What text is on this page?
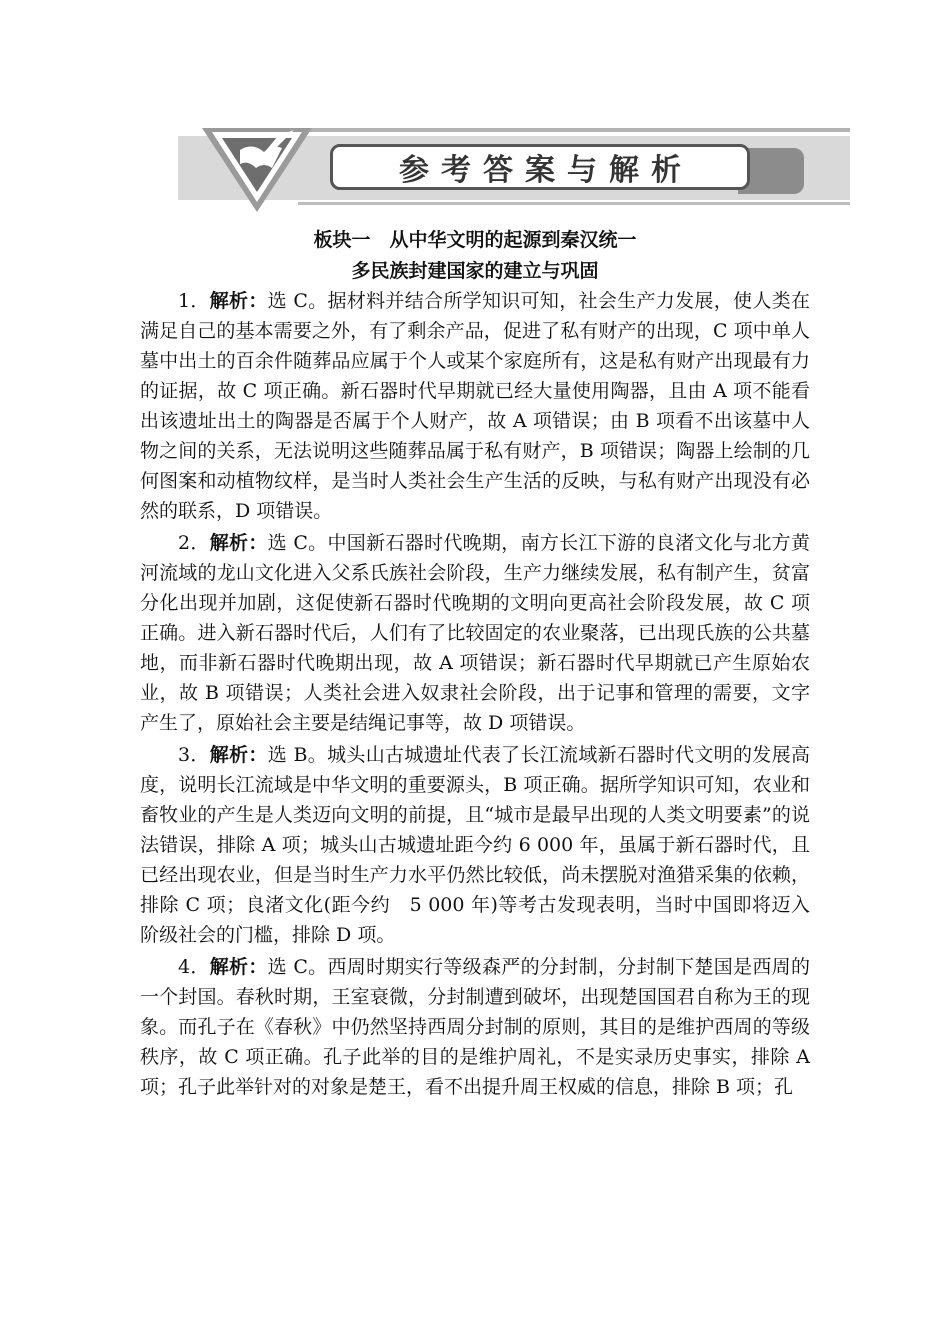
参考答案与解析
板块一　从中华文明的起源到秦汉统一
多民族封建国家的建立与巩固

1．解析：选 C。据材料并结合所学知识可知，社会生产力发展，使人类在满足自己的基本需要之外，有了剩余产品，促进了私有财产的出现，C 项中单人墓中出土的百余件随葬品应属于个人或某个家庭所有，这是私有财产出现最有力的证据，故 C 项正确。新石器时代早期就已经大量使用陶器，且由 A 项不能看出该遗址出土的陶器是否属于个人财产，故 A 项错误；由 B 项看不出该墓中人物之间的关系，无法说明这些随葬品属于私有财产，B 项错误；陶器上绘制的几何图案和动植物纹样，是当时人类社会生产生活的反映，与私有财产出现没有必然的联系，D 项错误。

2．解析：选 C。中国新石器时代晚期，南方长江下游的良渚文化与北方黄河流域的龙山文化进入父系氏族社会阶段，生产力继续发展，私有制产生，贫富分化出现并加剧，这促使新石器时代晚期的文明向更高社会阶段发展，故 C 项正确。进入新石器时代后，人们有了比较固定的农业聚落，已出现氏族的公共墓地，而非新石器时代晚期出现，故 A 项错误；新石器时代早期就已产生原始农业，故 B 项错误；人类社会进入奴隶社会阶段，出于记事和管理的需要，文字产生了，原始社会主要是结绳记事等，故 D 项错误。

3．解析：选 B。城头山古城遗址代表了长江流域新石器时代文明的发展高度，说明长江流域是中华文明的重要源头，B 项正确。据所学知识可知，农业和畜牧业的产生是人类迈向文明的前提，且“城市是最早出现的人类文明要素”的说法错误，排除 A 项；城头山古城遗址距今约 6 000 年，虽属于新石器时代，且已经出现农业，但是当时生产力水平仍然比较低，尚未摆脱对渔猎采集的依赖，排除 C 项；良渚文化(距今约　5 000 年)等考古发现表明，当时中国即将迈入阶级社会的门槛，排除 D 项。

4．解析：选 C。西周时期实行等级森严的分封制，分封制下楚国是西周的一个封国。春秋时期，王室衰微，分封制遭到破坏，出现楚国国君自称为王的现象。而孔子在《春秋》中仍然坚持西周分封制的原则，其目的是维护西周的等级秩序，故 C 项正确。孔子此举的目的是维护周礼，不是实录历史事实，排除 A 项；孔子此举针对的对象是楚王，看不出提升周王权威的信息，排除 B 项；孔
